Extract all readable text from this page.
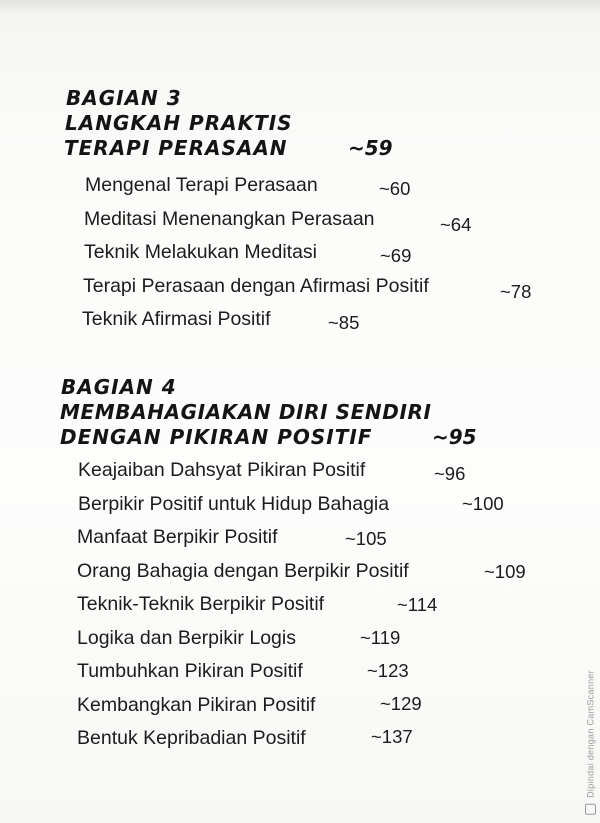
BAGIAN 3
LANGKAH PRAKTIS
TERAPI PERASAAN	~59
Mengenal Terapi Perasaan	~60
Meditasi Menenangkan Perasaan	~64
Teknik Melakukan Meditasi	~69
Terapi Perasaan dengan Afirmasi Positif	~78
Teknik Afirmasi Positif	~85
BAGIAN 4
MEMBAHAGIAKAN DIRI SENDIRI
DENGAN PIKIRAN POSITIF	~95
Keajaiban Dahsyat Pikiran Positif	~96
Berpikir Positif untuk Hidup Bahagia	~100
Manfaat Berpikir Positif	~105
Orang Bahagia dengan Berpikir Positif	~109
Teknik-Teknik Berpikir Positif	~114
Logika dan Berpikir Logis	~119
Tumbuhkan Pikiran Positif	~123
Kembangkan Pikiran Positif	~129
Bentuk Kepribadian Positif	~137	Dipindai dengan CamScanner
